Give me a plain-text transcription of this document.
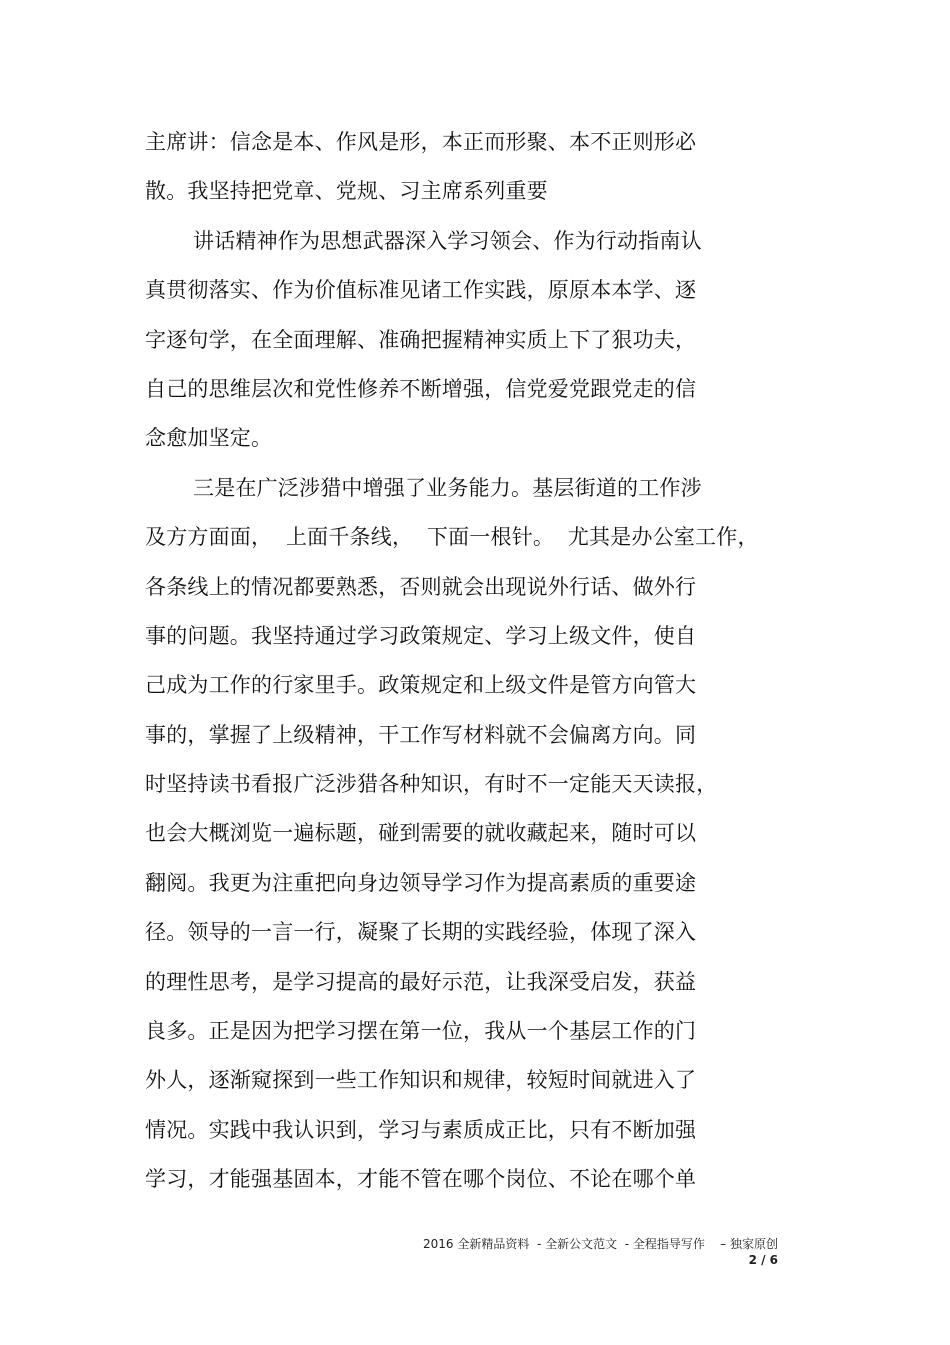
主席讲：信念是本、作风是形，本正而形聚、本不正则形必
散。我坚持把党章、党规、习主席系列重要
讲话精神作为思想武器深入学习领会、作为行动指南认
真贯彻落实、作为价值标准见诸工作实践，原原本本学、逐
字逐句学，在全面理解、准确把握精神实质上下了狠功夫，
自己的思维层次和党性修养不断增强，信党爱党跟党走的信
念愈加坚定。
三是在广泛涉猎中增强了业务能力。基层街道的工作涉
及方方面面，  上面千条线，  下面一根针。  尤其是办公室工作，
各条线上的情况都要熟悉，否则就会出现说外行话、做外行
事的问题。我坚持通过学习政策规定、学习上级文件，使自
己成为工作的行家里手。政策规定和上级文件是管方向管大
事的，掌握了上级精神，干工作写材料就不会偏离方向。同
时坚持读书看报广泛涉猎各种知识，有时不一定能天天读报，
也会大概浏览一遍标题，碰到需要的就收藏起来，随时可以
翻阅。我更为注重把向身边领导学习作为提高素质的重要途
径。领导的一言一行，凝聚了长期的实践经验，体现了深入
的理性思考，是学习提高的最好示范，让我深受启发，获益
良多。正是因为把学习摆在第一位，我从一个基层工作的门
外人，逐渐窥探到一些工作知识和规律，较短时间就进入了
情况。实践中我认识到，学习与素质成正比，只有不断加强
学习，才能强基固本，才能不管在哪个岗位、不论在哪个单
2016 全新精品资料  - 全新公文范文  - 全程指导写作    – 独家原创
2 / 6
